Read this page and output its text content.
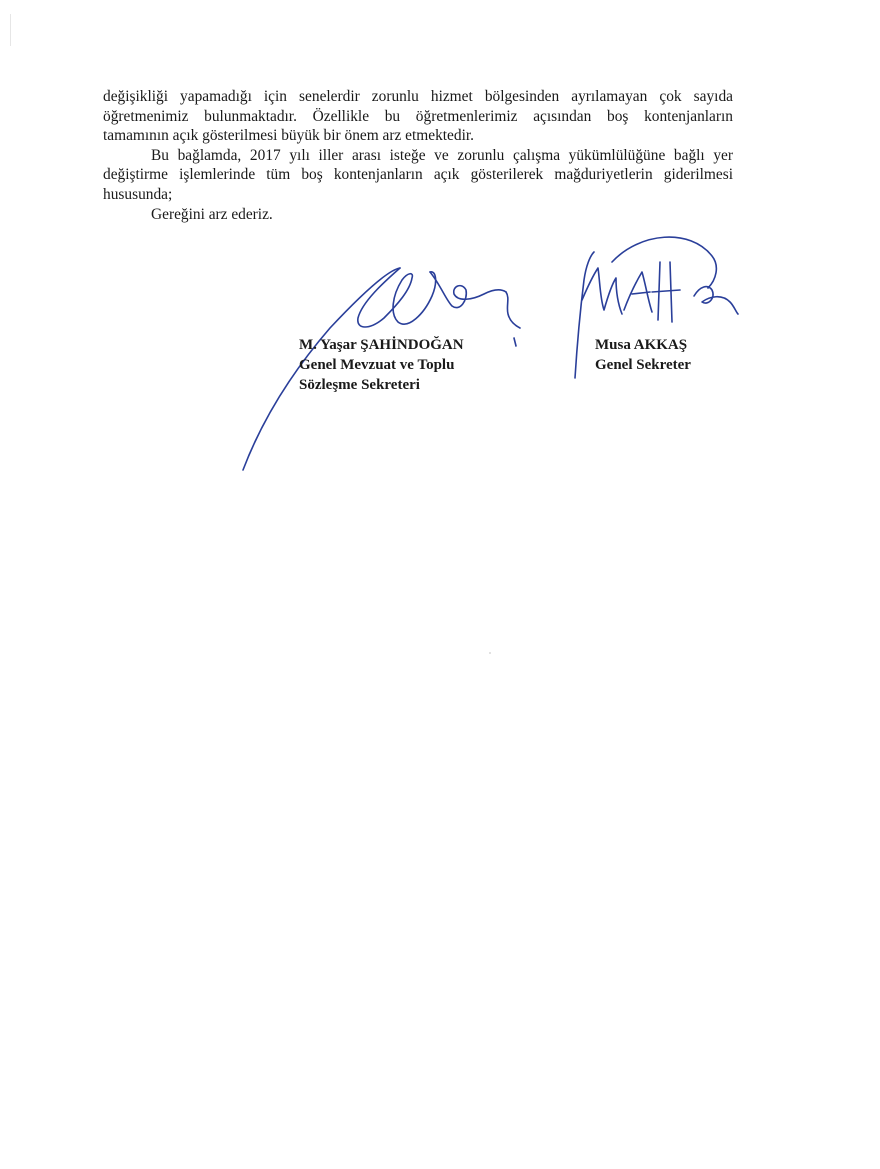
değişikliği yapamadığı için senelerdir zorunlu hizmet bölgesinden ayrılamayan çok sayıda

öğretmenimiz bulunmaktadır. Özellikle bu öğretmenlerimiz açısından boş kontenjanların

tamamının açık gösterilmesi büyük bir önem arz etmektedir.

Bu bağlamda, 2017 yılı iller arası isteğe ve zorunlu çalışma yükümlülüğüne bağlı yer

değiştirme işlemlerinde tüm boş kontenjanların açık gösterilerek mağduriyetlerin giderilmesi

hususunda;

Gereğini arz ederiz.

M. Yaşar ŞAHİNDOĞAN
Genel Mevzuat ve Toplu
Sözleşme Sekreteri
Musa AKKAŞ
Genel Sekreter
